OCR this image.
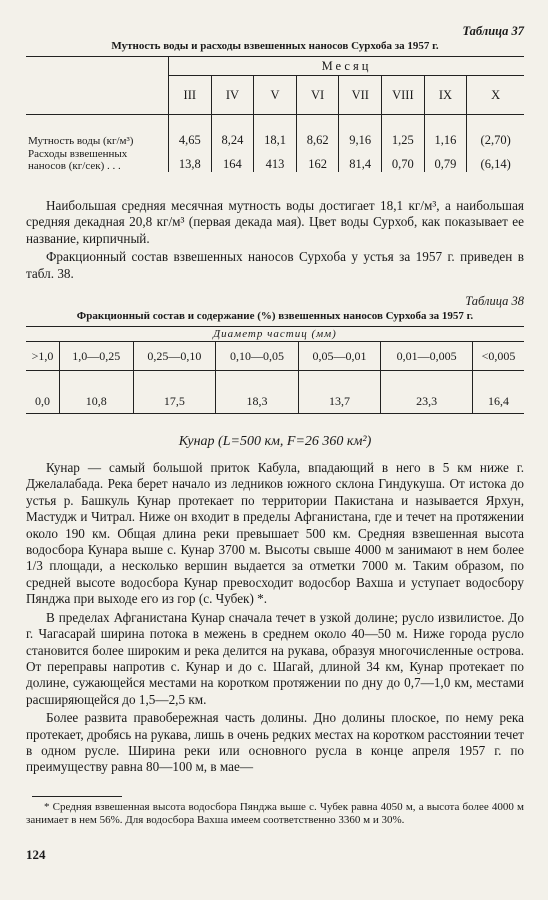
Таблица 37
Мутность воды и расходы взвешенных наносов Сурхоба за 1957 г.
	Месяц							
	III	IV	V	VI	VII	VIII	IX	X
Мутность воды (кг/м³)	4,65	8,24	18,1	8,62	9,16	1,25	1,16	(2,70)
Расходы взвешенных наносов (кг/сек) . . .	13,8	164	413	162	81,4	0,70	0,79	(6,14)

Наибольшая средняя месячная мутность воды достигает 18,1 кг/м³, а наибольшая средняя декадная 20,8 кг/м³ (первая декада мая). Цвет воды Сурхоб, как показывает ее название, кирпичный.

Фракционный состав взвешенных наносов Сурхоба у устья за 1957 г. приведен в табл. 38.

Таблица 38
Фракционный состав и содержание (%) взвешенных наносов Сурхоба за 1957 г.
Диаметр частиц (мм)						
>1,0	1,0—0,25	0,25—0,10	0,10—0,05	0,05—0,01	0,01—0,005	<0,005
0,0	10,8	17,5	18,3	13,7	23,3	16,4
Кунар (L=500 км, F=26 360 км²)

Кунар — самый большой приток Кабула, впадающий в него в 5 км ниже г. Джелалабада. Река берет начало из ледников южного склона Гиндукуша. От истока до устья р. Башкуль Кунар протекает по территории Пакистана и называется Ярхун, Мастудж и Читрал. Ниже он входит в пределы Афганистана, где и течет на протяжении около 190 км. Общая длина реки превышает 500 км. Средняя взвешенная высота водосбора Кунара выше с. Кунар 3700 м. Высоты свыше 4000 м занимают в нем более 1/3 площади, а несколько вершин выдается за отметки 7000 м. Таким образом, по средней высоте водосбора Кунар превосходит водосбор Вахша и уступает водосбору Пянджа при выходе его из гор (с. Чубек) *.

В пределах Афганистана Кунар сначала течет в узкой долине; русло извилистое. До г. Чагасарай ширина потока в межень в среднем около 40—50 м. Ниже города русло становится более широким и река делится на рукава, образуя многочисленные острова. От переправы напротив с. Кунар и до с. Шагай, длиной 34 км, Кунар протекает по долине, сужающейся местами на коротком протяжении по дну до 0,7—1,0 км, местами расширяющейся до 1,5—2,5 км.

Более развита правобережная часть долины. Дно долины плоское, по нему река протекает, дробясь на рукава, лишь в очень редких местах на коротком расстоянии течет в одном русле. Ширина реки или основного русла в конце апреля 1957 г. по преимуществу равна 80—100 м, в мае—

* Средняя взвешенная высота водосбора Пянджа выше с. Чубек равна 4050 м, а высота более 4000 м занимает в нем 56%. Для водосбора Вахша имеем соответственно 3360 м и 30%.

124
